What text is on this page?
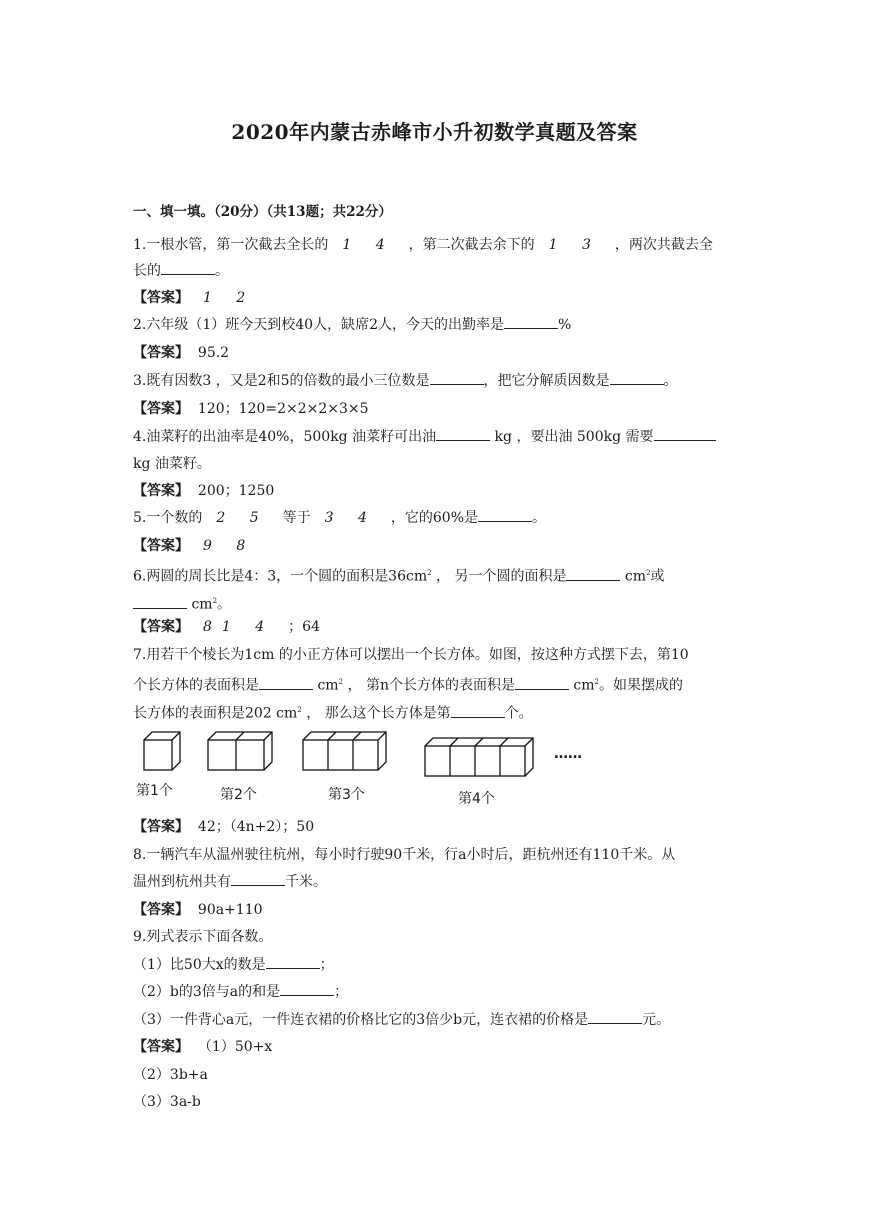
2020年内蒙古赤峰市小升初数学真题及答案
一、填一填。（20分）（共13题；共22分）
1.一根水管，第一次截去全长的 1 4 ，第二次截去余下的 1 3 ，两次共截去全
长的	。
【答案】 1 2
2.六年级（1）班今天到校40人，缺席2人，今天的出勤率是	%
【答案】 95.2
3.既有因数3 ，又是2和5的倍数的最小三位数是	，把它分解质因数是	。
【答案】 120；120=2×2×2×3×5
4.油菜籽的出油率是40%，500kg 油菜籽可出油	kg ，要出油 500kg 需要
kg 油菜籽。
【答案】 200；1250
5.一个数的 2 5 等于 3 4 ，它的60%是	。
【答案】 9 8
6.两圆的周长比是4：3，一个圆的面积是$36cm^2$ ， 另一个圆的面积是	$cm^2$或
$cm^2$。
【答案】 81 4 ；64
7.用若干个棱长为1cm 的小正方体可以摆出一个长方体。如图，按这种方式摆下去，第10
个长方体的表面积是	$cm^2$ ， 第n个长方体的表面积是	$cm^2$。如果摆成的
长方体的表面积是202 $cm^2$ ， 那么这个长方体是第	个。
……
第1个	第2个	第3个	第4个
【答案】 42；（4n+2）；50
8.一辆汽车从温州驶往杭州，每小时行驶90千米，行a小时后，距杭州还有110千米。从
温州到杭州共有	千米。
【答案】 90a+110
9.列式表示下面各数。
（1）比50大x的数是	；
（2）b的3倍与a的和是	；
（3）一件背心a元，一件连衣裙的价格比它的3倍少b元，连衣裙的价格是	元。
【答案】 （1）50+x
（2）3b+a
（3）3a-b
